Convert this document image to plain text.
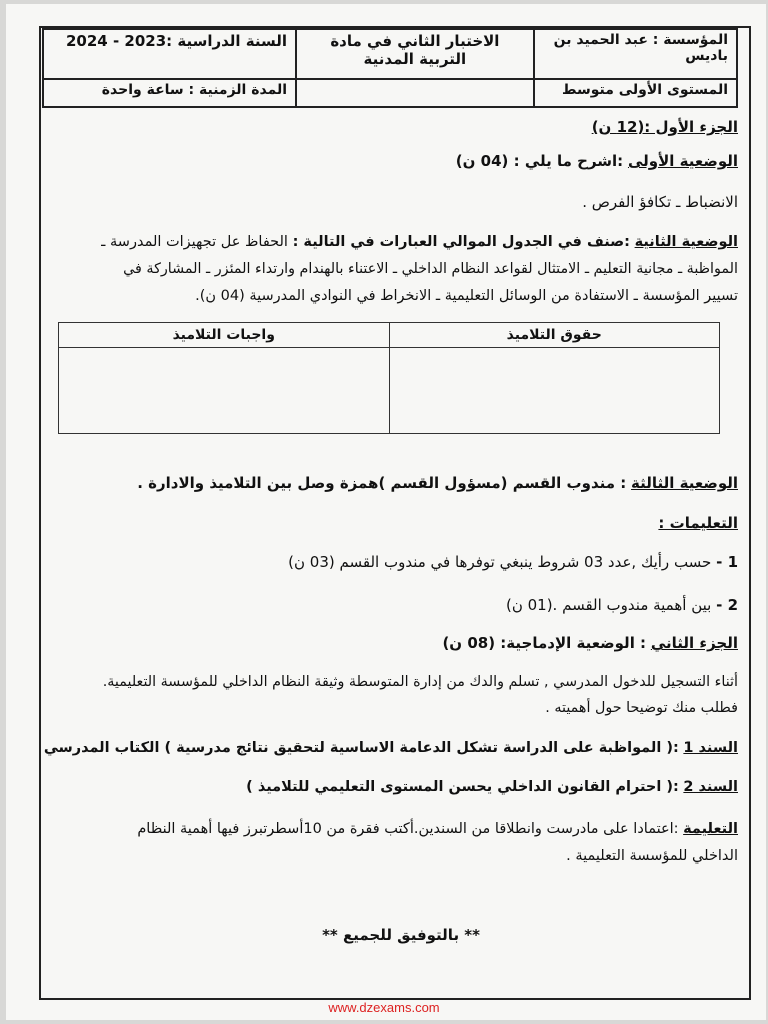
المؤسسة : عبد الحميد بن باديس	الاختبار الثاني في مادة التربية المدنية	السنة الدراسية :2023 - 2024
المستوى الأولى متوسط		المدة الزمنية : ساعة واحدة
الجزء الأول :(12 ن)
الوضعية الأولى :اشرح ما يلي : (04 ن)
الانضباط ـ تكافؤ الفرص .
الوضعية الثانية :صنف في الجدول الموالي العبارات في التالية : الحفاظ عل تجهيزات المدرسة ـ
المواظبة ـ مجانية التعليم ـ الامتثال لقواعد النظام الداخلي ـ الاعتناء بالهندام وارتداء المئزر ـ المشاركة في
تسيير المؤسسة ـ الاستفادة من الوسائل التعليمية ـ الانخراط في النوادي المدرسية (04 ن).
حقوق التلاميذ	واجبات التلاميذ

الوضعية الثالثة : مندوب القسم (مسؤول القسم )همزة وصل بين التلاميذ والادارة .
التعليمات :
1 - حسب رأيك ,عدد 03 شروط ينبغي توفرها في مندوب القسم (03 ن)
2 - بين أهمية مندوب القسم .(01 ن)
الجزء الثاني : الوضعية الإدماجية: (08 ن)
أثناء التسجيل للدخول المدرسي , تسلم والدك من إدارة المتوسطة وثيقة النظام الداخلي للمؤسسة التعليمية.
فطلب منك توضيحا حول أهميته .
السند 1 :( المواظبة على الدراسة تشكل الدعامة الاساسية لتحقيق نتائج مدرسية ) الكتاب المدرسي
السند 2 :( احترام القانون الداخلي يحسن المستوى التعليمي للتلاميذ )
التعليمة :اعتمادا على مادرست وانطلاقا من السندين.أكتب فقرة من 10أسطرتبرز فيها أهمية النظام
الداخلي للمؤسسة التعليمية .
** بالتوفيق للجميع **
www.dzexams.com
